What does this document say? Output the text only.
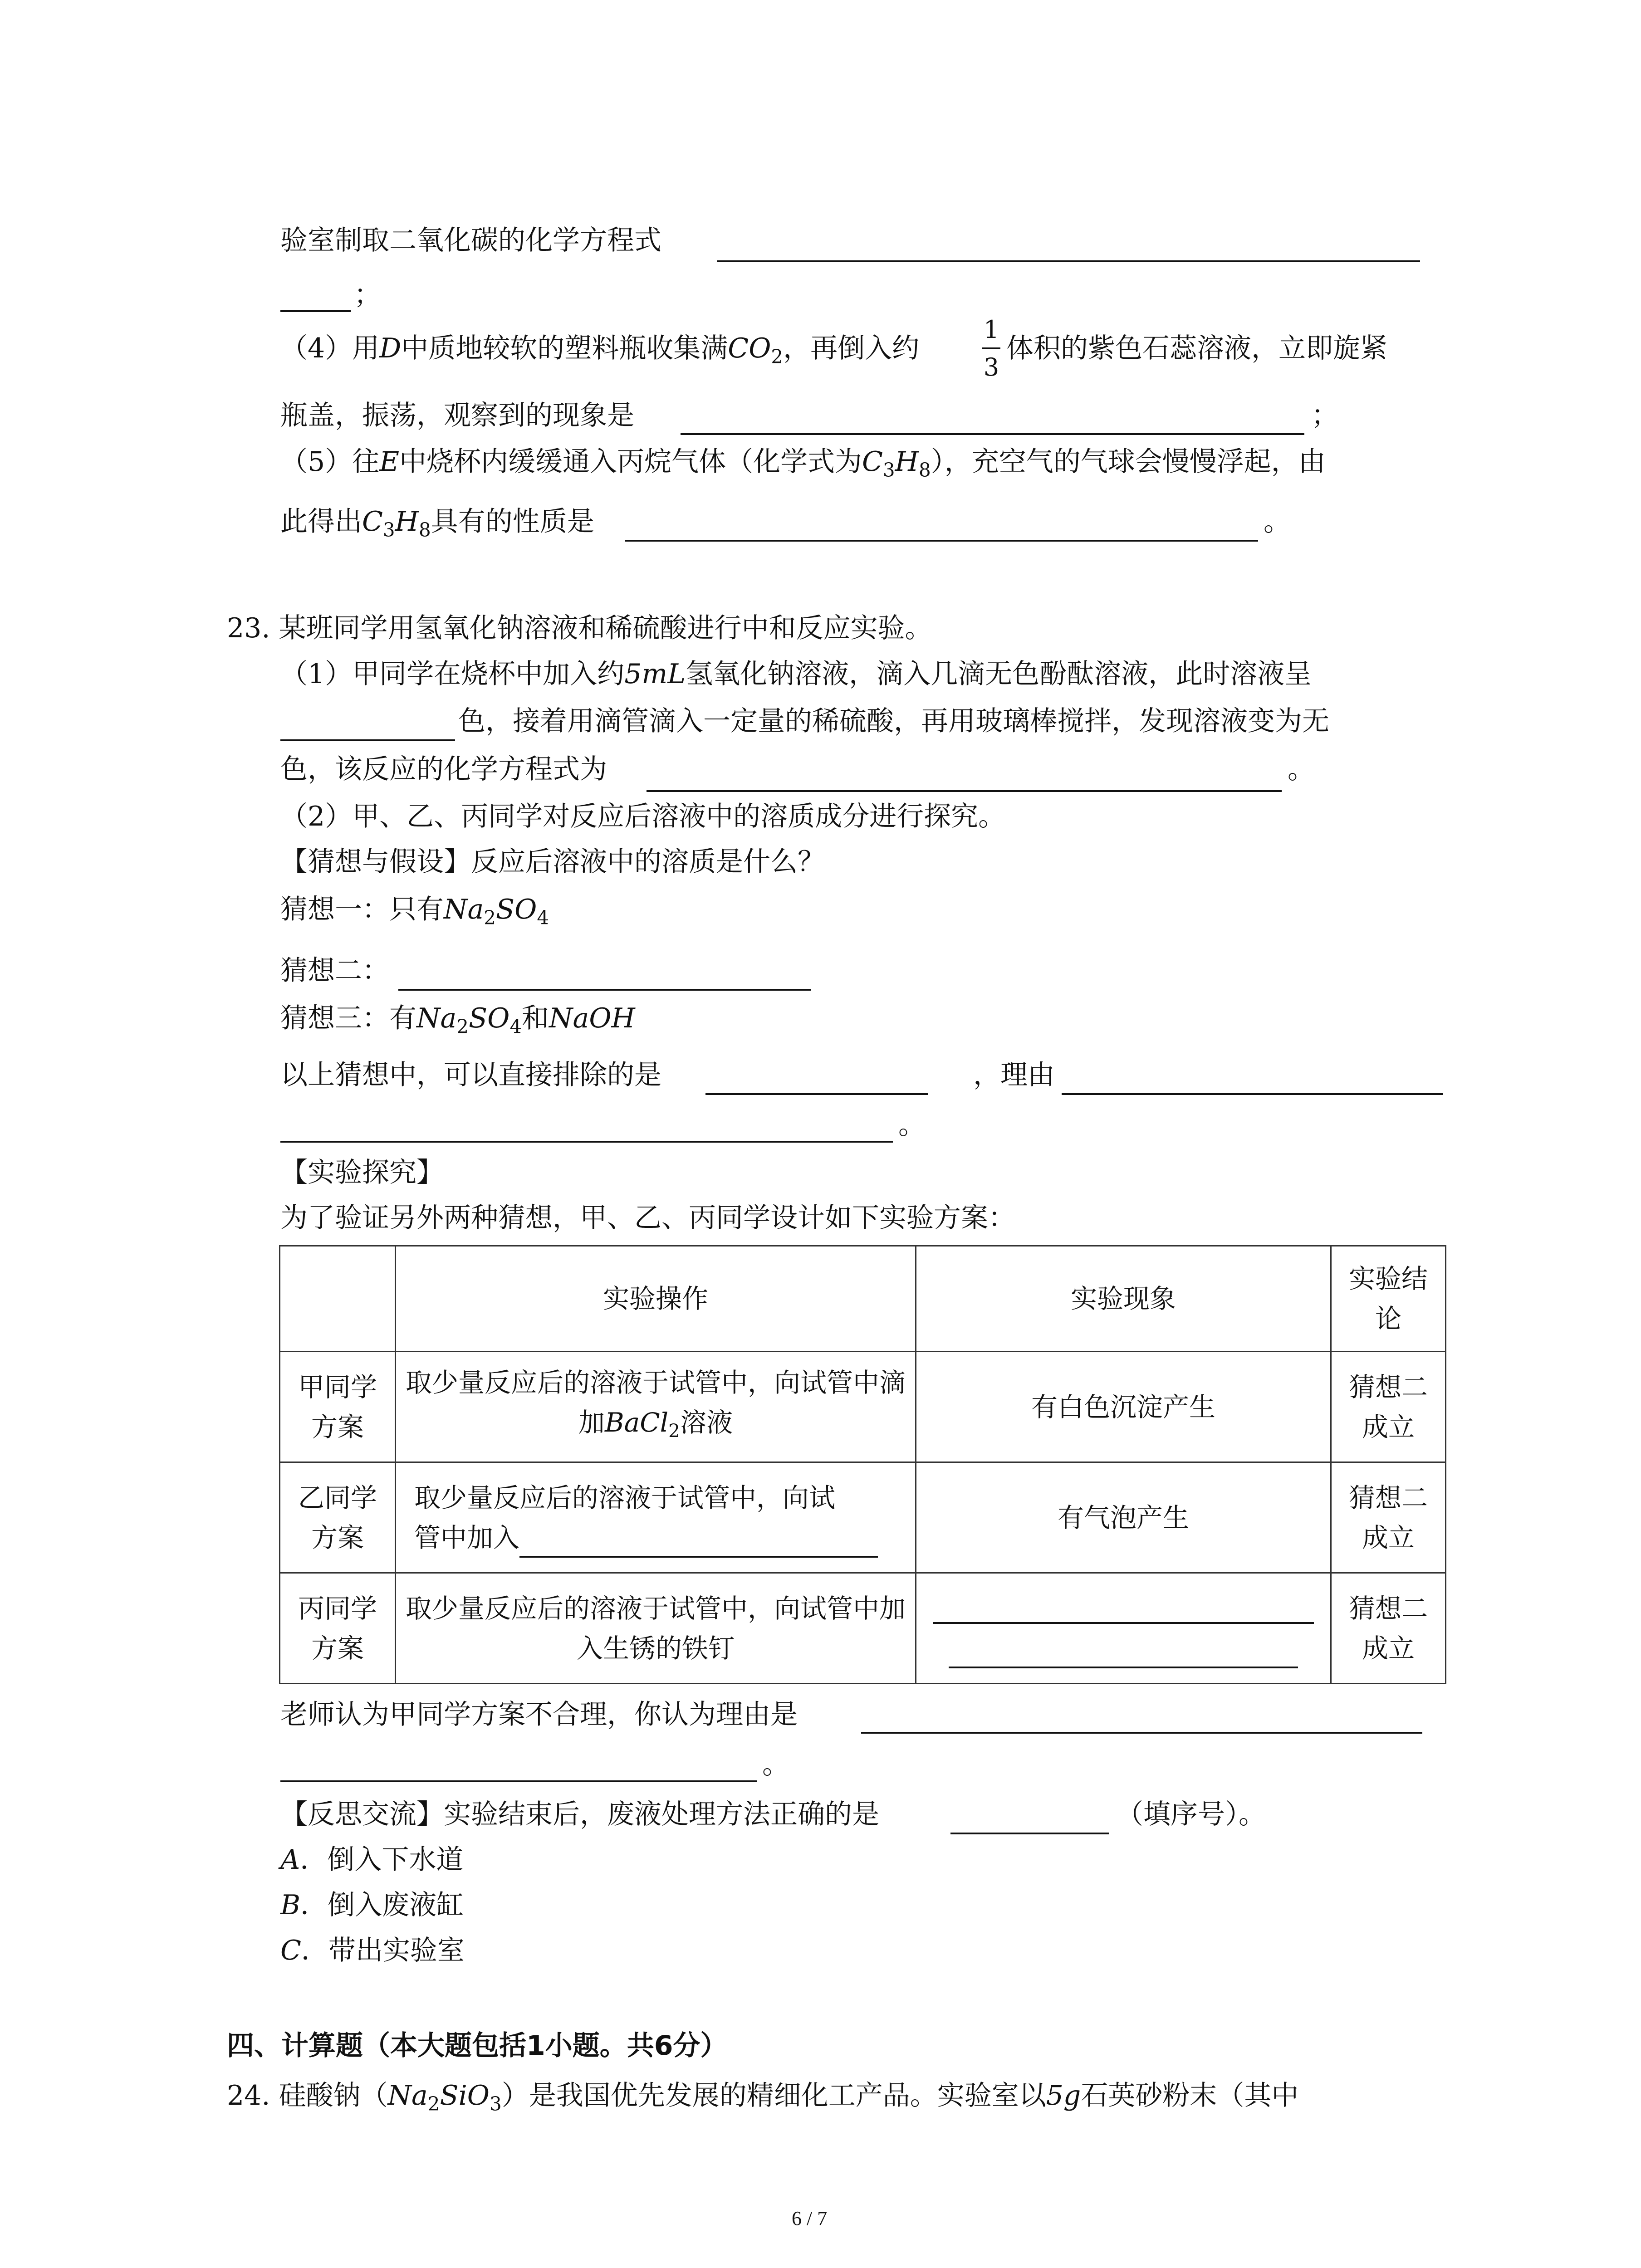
验室制取二氧化碳的化学方程式
；
（4）用D中质地较软的塑料瓶收集满$CO_2$，再倒入约
1
3
体积的紫色石蕊溶液，立即旋紧
瓶盖，振荡，观察到的现象是	；
（5）往E中烧杯内缓缓通入丙烷气体（化学式为$C_3H_8$），充空气的气球会慢慢浮起，由
此得出$C_3H_8$具有的性质是	。
23. 某班同学用氢氧化钠溶液和稀硫酸进行中和反应实验。
（1）甲同学在烧杯中加入约5mL氢氧化钠溶液，滴入几滴无色酚酞溶液，此时溶液呈
色，接着用滴管滴入一定量的稀硫酸，再用玻璃棒搅拌，发现溶液变为无
色，该反应的化学方程式为	。
（2）甲、乙、丙同学对反应后溶液中的溶质成分进行探究。
【猜想与假设】反应后溶液中的溶质是什么？
猜想一：只有$Na_2SO_4$
猜想二：
猜想三：有$Na_2SO_4$和NaOH
以上猜想中，可以直接排除的是	，理由
。
【实验探究】
为了验证另外两种猜想，甲、乙、丙同学设计如下实验方案：
	实验操作	实验现象	实验结论
甲同学方案	取少量反应后的溶液于试管中，向试管中滴加BaCl$_2$溶液	有白色沉淀产生	猜想二成立
乙同学方案	取少量反应后的溶液于试管中，向试
管中加入	有气泡产生	猜想二成立
丙同学方案	取少量反应后的溶液于试管中，向试管中加入生锈的铁钉		猜想二成立
老师认为甲同学方案不合理，你认为理由是
。
【反思交流】实验结束后，废液处理方法正确的是	（填序号）。
A．倒入下水道
B．倒入废液缸
C．带出实验室
四、计算题（本大题包括1小题。共6分）
24. 硅酸钠$(Na_2SiO_3)$是我国优先发展的精细化工产品。实验室以5g石英砂粉末（其中
6 / 7
